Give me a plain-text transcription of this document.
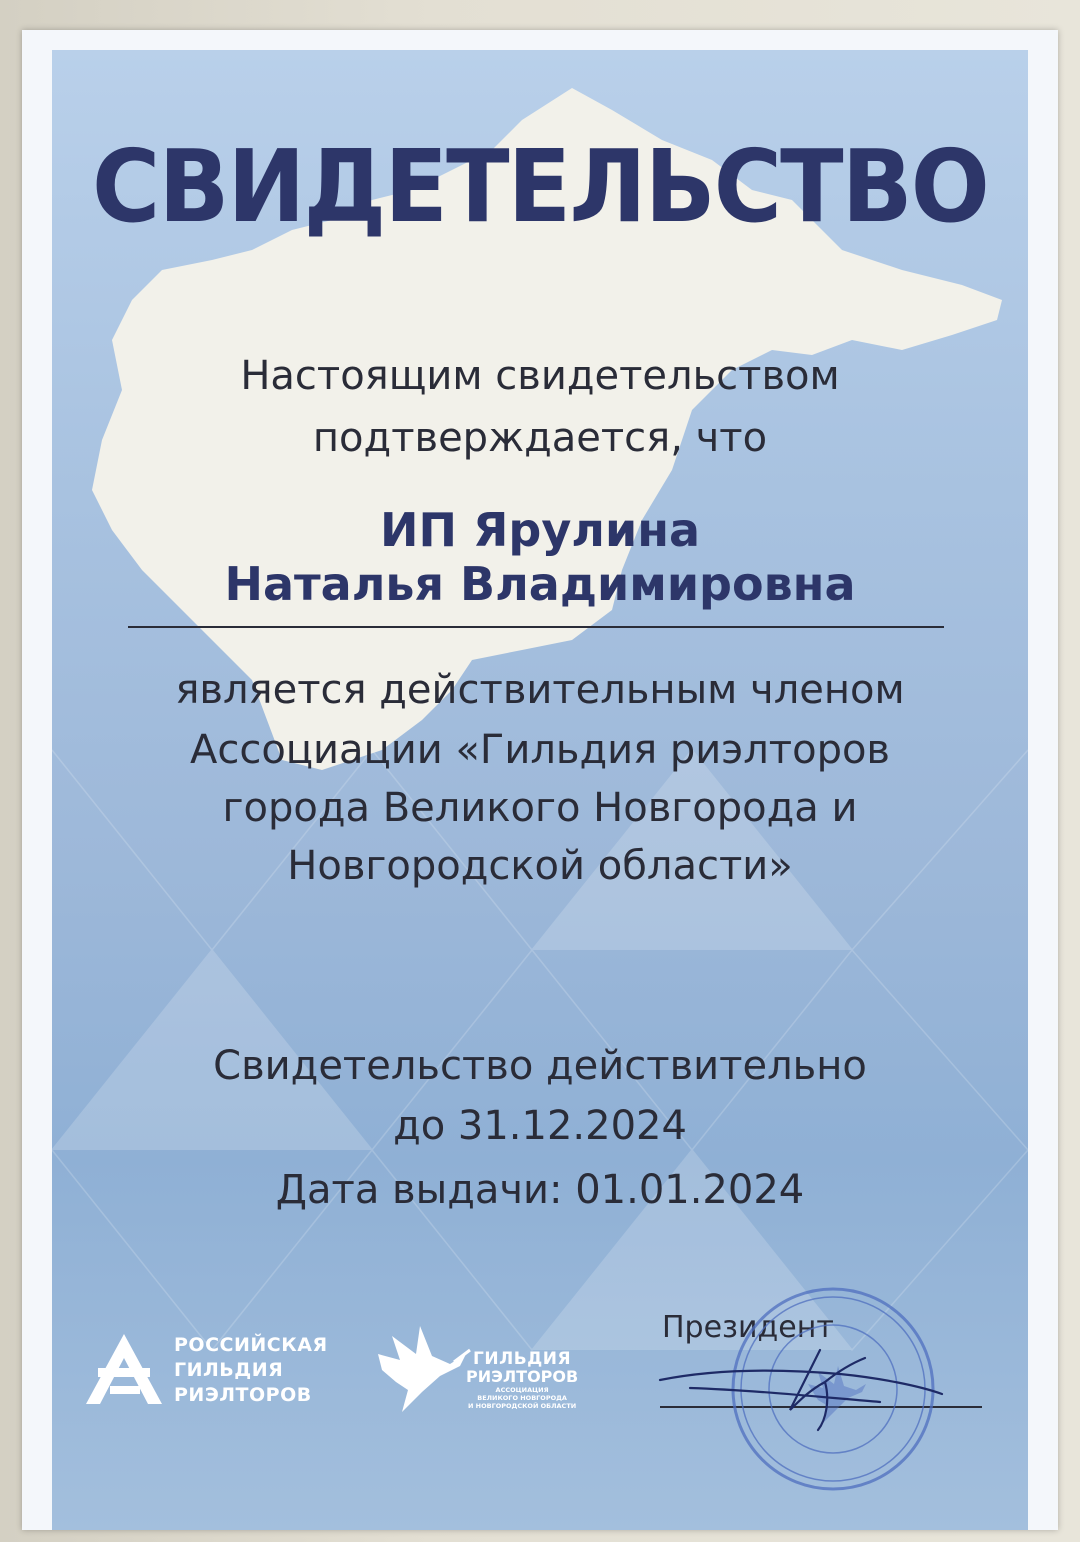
СВИДЕТЕЛЬСТВО
Настоящим свидетельством
подтверждается, что
ИП Ярулина
Наталья Владимировна
является действительным членом
Ассоциации «Гильдия риэлторов
города Великого Новгорода и
Новгородской области»
Свидетельство действительно
до 31.12.2024
Дата выдачи: 01.01.2024
РОССИЙСКАЯ
ГИЛЬДИЯ
РИЭЛТОРОВ
ГИЛЬДИЯ
РИЭЛТОРОВ
АССОЦИАЦИЯ
ВЕЛИКОГО НОВГОРОДА
И НОВГОРОДСКОЙ ОБЛАСТИ
Президент
